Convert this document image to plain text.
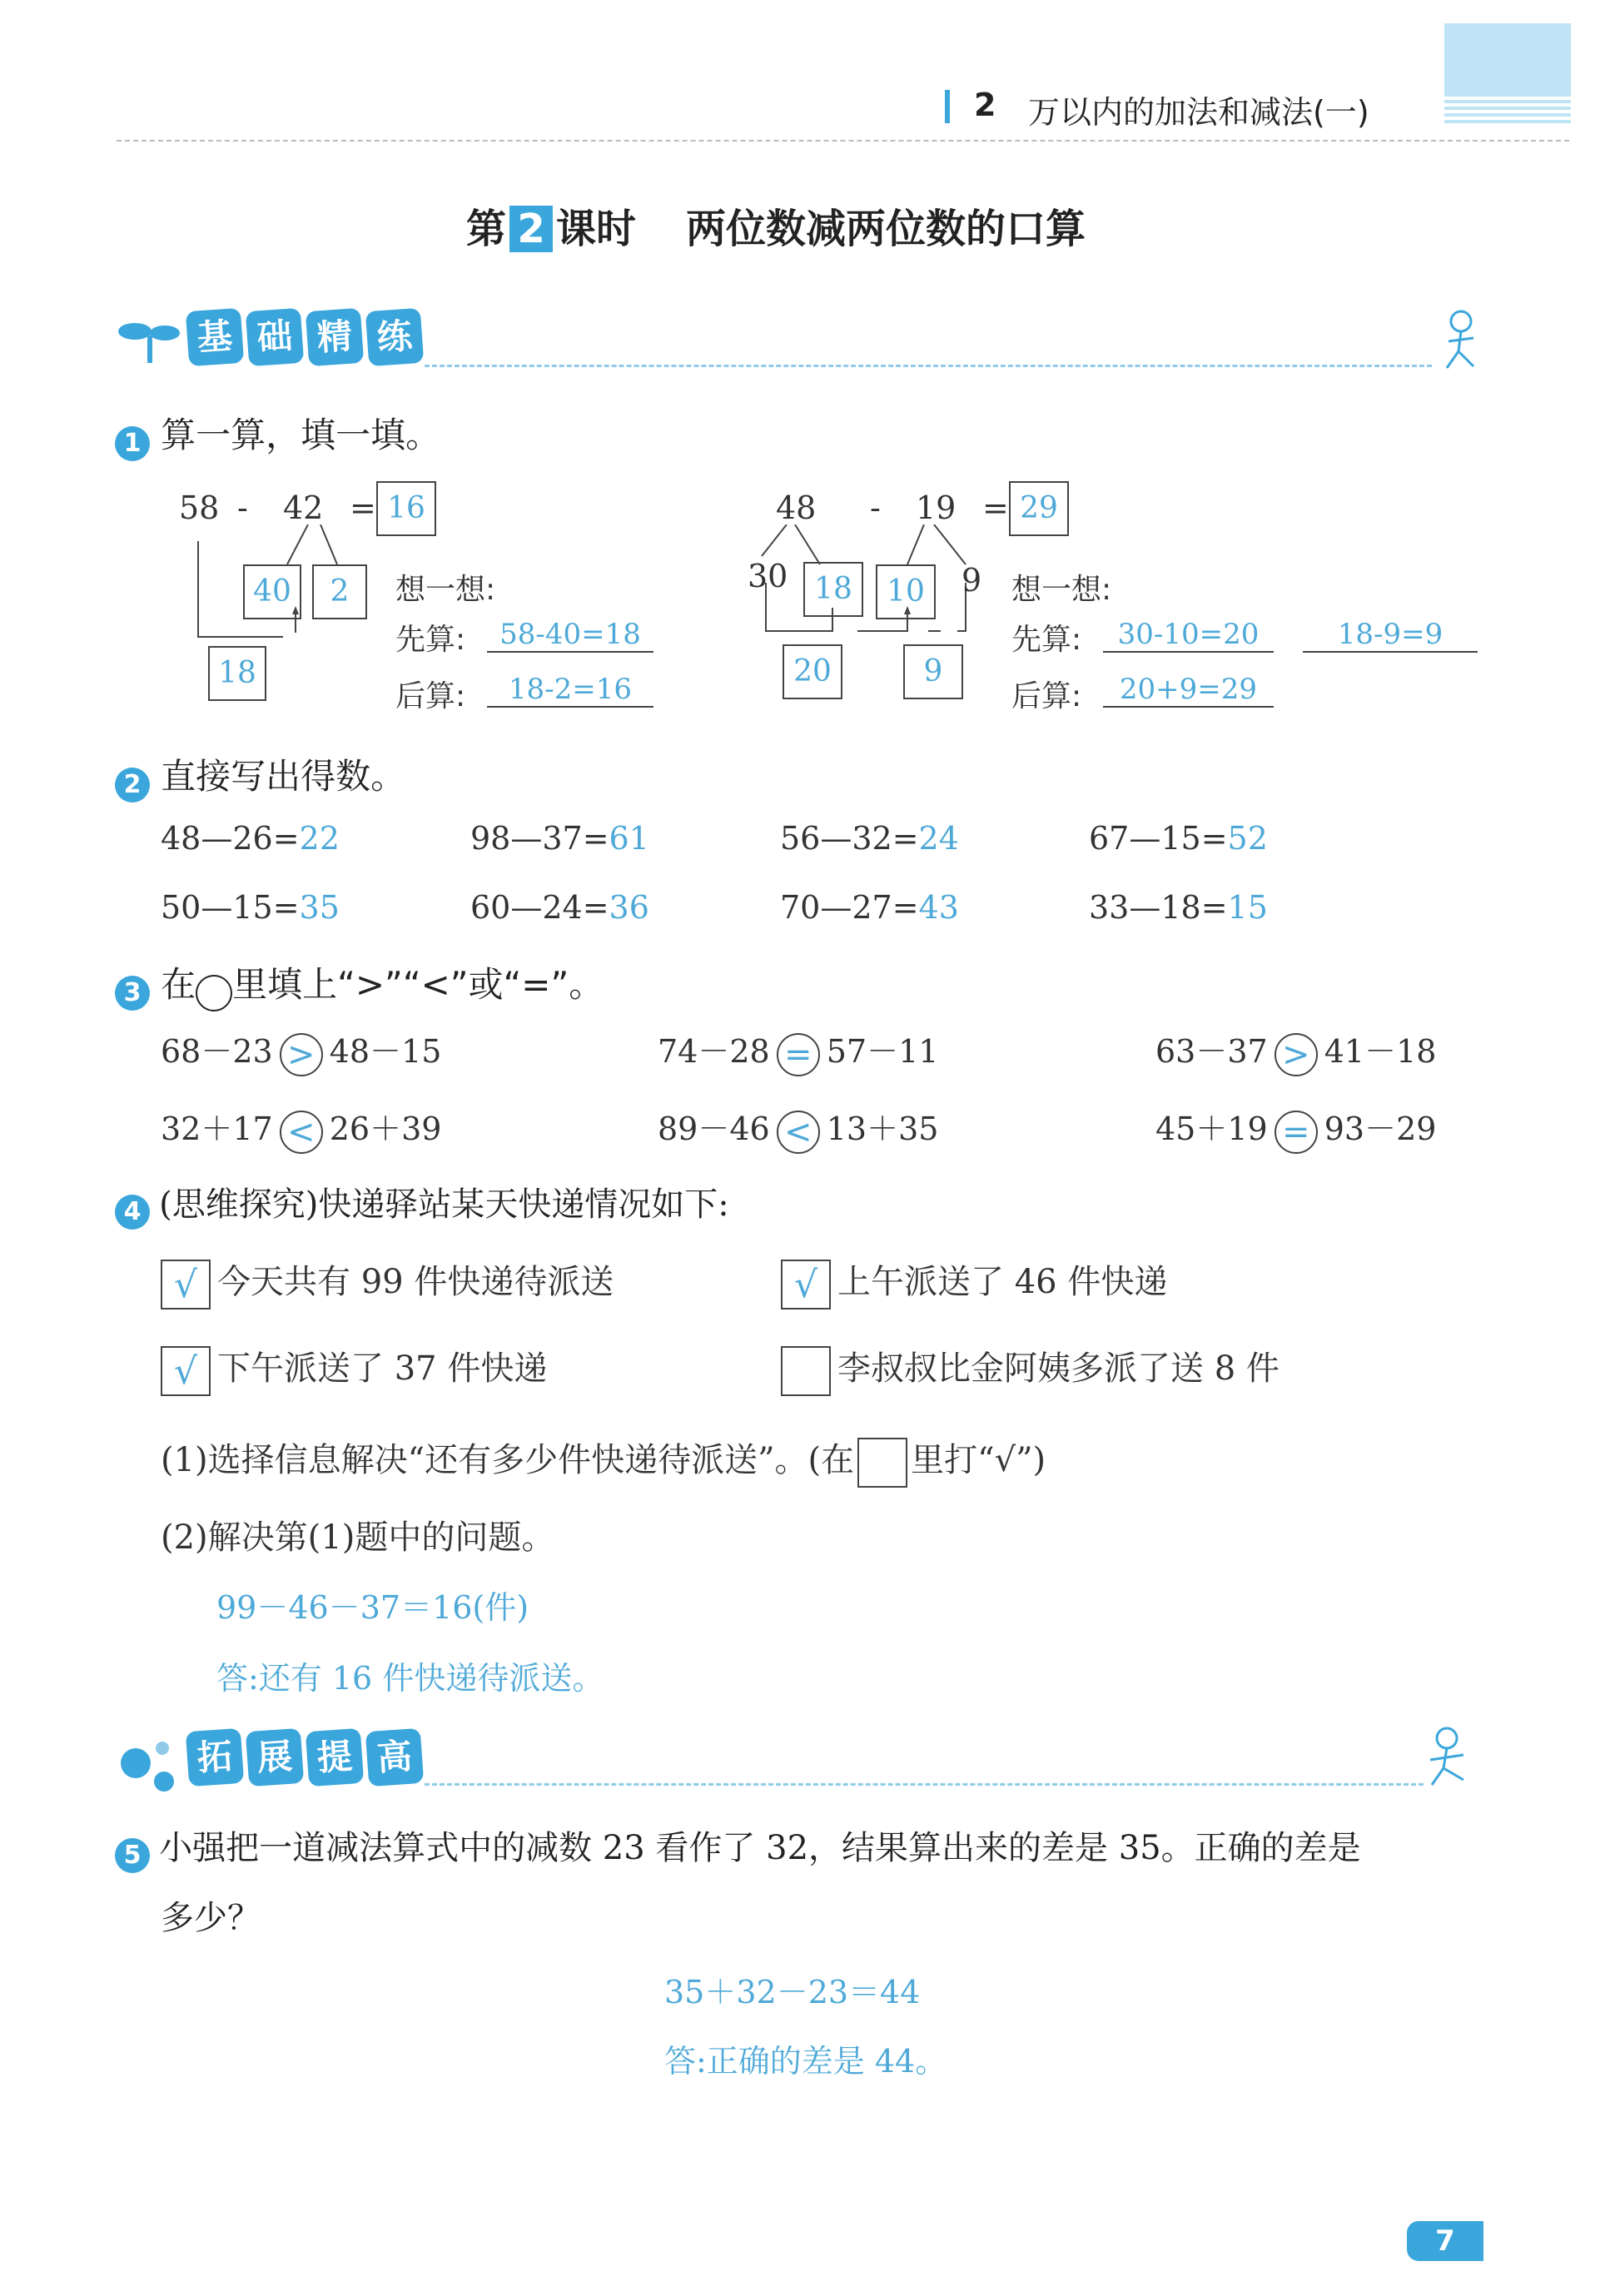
2 万以内的加法和减法(一)
第 2 课时 两位数减两位数的口算
基 础 精 练
1 算一算，填一填。
58 - 42 = 16
40	2
18
想一想:
先算:	58-40=18
后算:	18-2=16
48 - 19 = 29
30 18	10	9
20	9
想一想:
先算:	30-10=20	18-9=9
后算:	20+9=29
2 直接写出得数。
48—26=22	98—37=61	56—32=24	67—15=52
50—15=35	60—24=36	70—27=43	33—18=15
3 在 里填上“>”“<”或“=”。
68－23 > 48－15	74－28 = 57－11	63－37 > 41－18
32＋17 < 26＋39	89－46 < 13＋35	45＋19 = 93－29
4 (思维探究)快递驿站某天快递情况如下:
√ 今天共有 99 件快递待派送	√ 上午派送了 46 件快递
√ 下午派送了 37 件快递	李叔叔比金阿姨多派了送 8 件
(1)选择信息解决“还有多少件快递待派送”。(在 里打“√”)
(2)解决第(1)题中的问题。
99－46－37＝16(件)
答:还有 16 件快递待派送。
拓 展 提 高
5 小强把一道减法算式中的减数 23 看作了 32，结果算出来的差是 35。正确的差是
多少？
35＋32－23＝44
答:正确的差是 44。
7
